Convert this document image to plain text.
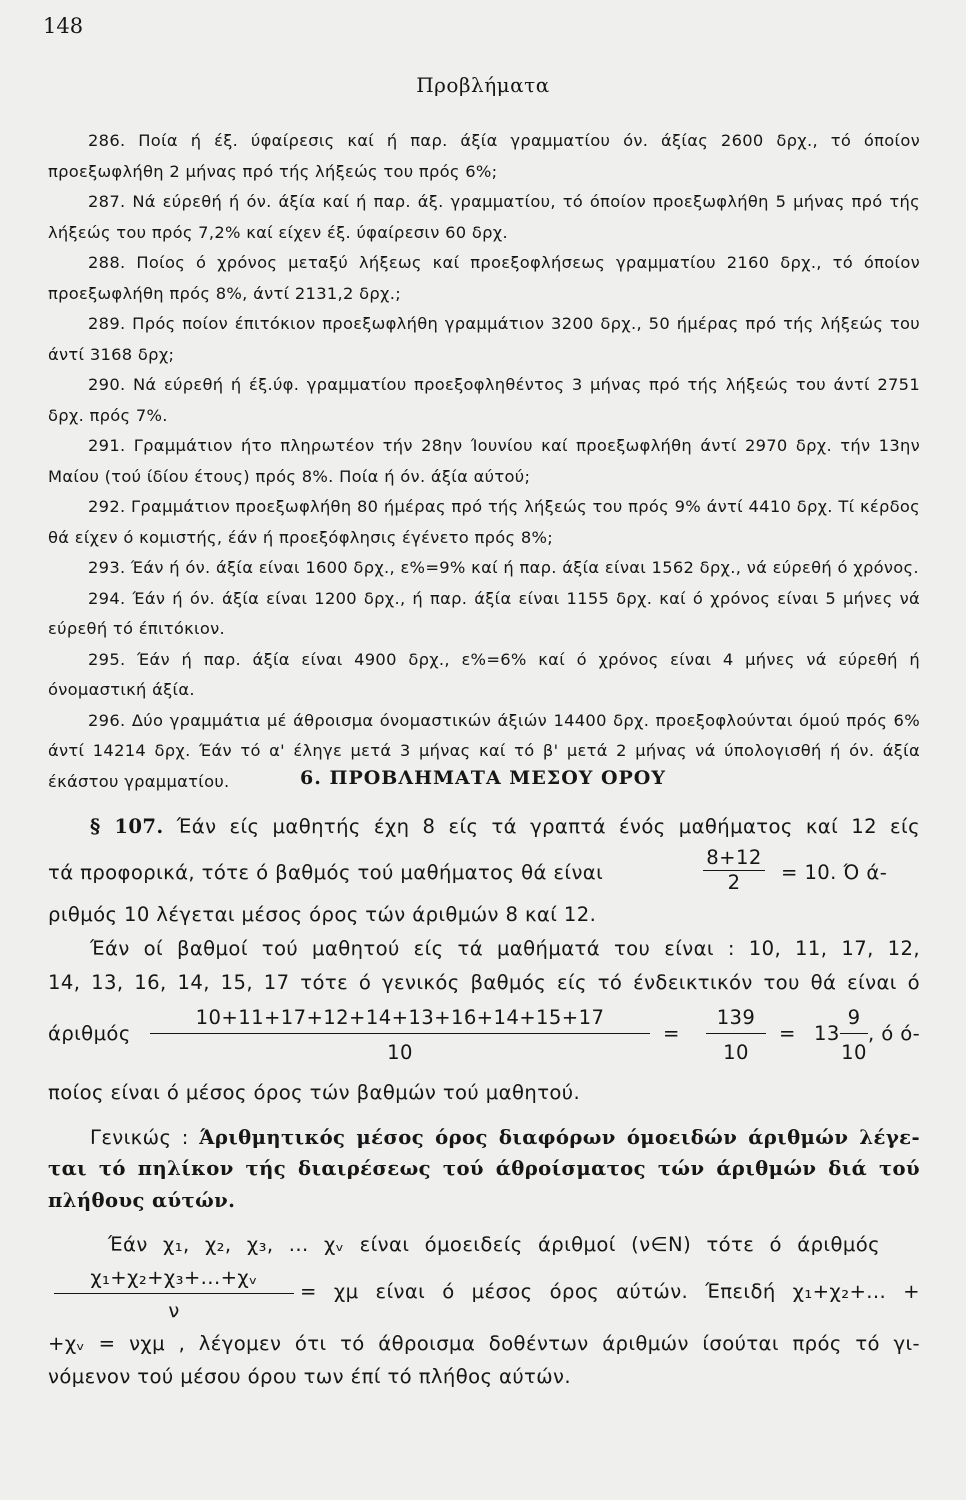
148
Προβλήματα

286. Ποία ή έξ. ύφαίρεσις καί ή παρ. άξία γραμματίου όν. άξίας 2600 δρχ., τό όποίον προεξωφλήθη 2 μήνας πρό τής λήξεώς του πρός 6%;

287. Νά εύρεθή ή όν. άξία καί ή παρ. άξ. γραμματίου, τό όποίον προεξωφλήθη 5 μήνας πρό τής λήξεώς του πρός 7,2% καί είχεν έξ. ύφαίρεσιν 60 δρχ.

288. Ποίος ό χρόνος μεταξύ λήξεως καί προεξοφλήσεως γραμματίου 2160 δρχ., τό όποίον προεξωφλήθη πρός 8%, άντί 2131,2 δρχ.;

289. Πρός ποίον έπιτόκιον προεξωφλήθη γραμμάτιον 3200 δρχ., 50 ήμέρας πρό τής λήξεώς του άντί 3168 δρχ;

290. Νά εύρεθή ή έξ.ύφ. γραμματίου προεξοφληθέντος 3 μήνας πρό τής λήξεώς του άντί 2751 δρχ. πρός 7%.

291. Γραμμάτιον ήτο πληρωτέον τήν 28ην Ίουνίου καί προεξωφλήθη άντί 2970 δρχ. τήν 13ην Μαίου (τού ίδίου έτους) πρός 8%. Ποία ή όν. άξία αύτού;

292. Γραμμάτιον προεξωφλήθη 80 ήμέρας πρό τής λήξεώς του πρός 9% άντί 4410 δρχ. Τί κέρδος θά είχεν ό κομιστής, έάν ή προεξόφλησις έγένετο πρός 8%;

293. Έάν ή όν. άξία είναι 1600 δρχ., ε%=9% καί ή παρ. άξία είναι 1562 δρχ., νά εύρεθή ό χρόνος.

294. Έάν ή όν. άξία είναι 1200 δρχ., ή παρ. άξία είναι 1155 δρχ. καί ό χρόνος είναι 5 μήνες νά εύρεθή τό έπιτόκιον.

295. Έάν ή παρ. άξία είναι 4900 δρχ., ε%=6% καί ό χρόνος είναι 4 μήνες νά εύρεθή ή όνομαστική άξία.

296. Δύο γραμμάτια μέ άθροισμα όνομαστικών άξιών 14400 δρχ. προεξοφλούνται όμού πρός 6% άντί 14214 δρχ. Έάν τό α' έληγε μετά 3 μήνας καί τό β' μετά 2 μήνας νά ύπολογισθή ή όν. άξία έκάστου γραμματίου.	6. ΠΡΟΒΛΗΜΑΤΑ ΜΕΣΟΥ ΟΡΟΥ
§ 107. Έάν είς μαθητής έχη 8 είς τά γραπτά ένός μαθήματος καί 12 είς
τά προφορικά, τότε ό βαθμός τού μαθήματος θά είναι
8+12
2	= 10. Ό ά-
ριθμός 10 λέγεται μέσος όρος τών άριθμών 8 καί 12.
Έάν οί βαθμοί τού μαθητού είς τά μαθήματά του είναι : 10, 11, 17, 12,
14, 13, 16, 14, 15, 17 τότε ό γενικός βαθμός είς τό ένδεικτικόν του θά είναι ό
άριθμός
10+11+17+12+14+13+16+14+15+17
10
=
139
10
= 13
9
10
, ό ό-
ποίος είναι ό μέσος όρος τών βαθμών τού μαθητού.
Γενικώς : Άριθμητικός μέσος όρος διαφόρων όμοειδών άριθμών λέγε-
ται τό πηλίκον τής διαιρέσεως τού άθροίσματος τών άριθμών διά τού
πλήθους αύτών.
Έάν χ₁, χ₂, χ₃, ... χᵥ είναι όμοειδείς άριθμοί (ν∈N) τότε ό άριθμός
χ₁+χ₂+χ₃+...+χᵥ
ν
= χμ είναι ό μέσος όρος αύτών. Έπειδή χ₁+χ₂+... +
+χᵥ = νχμ , λέγομεν ότι τό άθροισμα δοθέντων άριθμών ίσούται πρός τό γι-
νόμενον τού μέσου όρου των έπί τό πλήθος αύτών.
